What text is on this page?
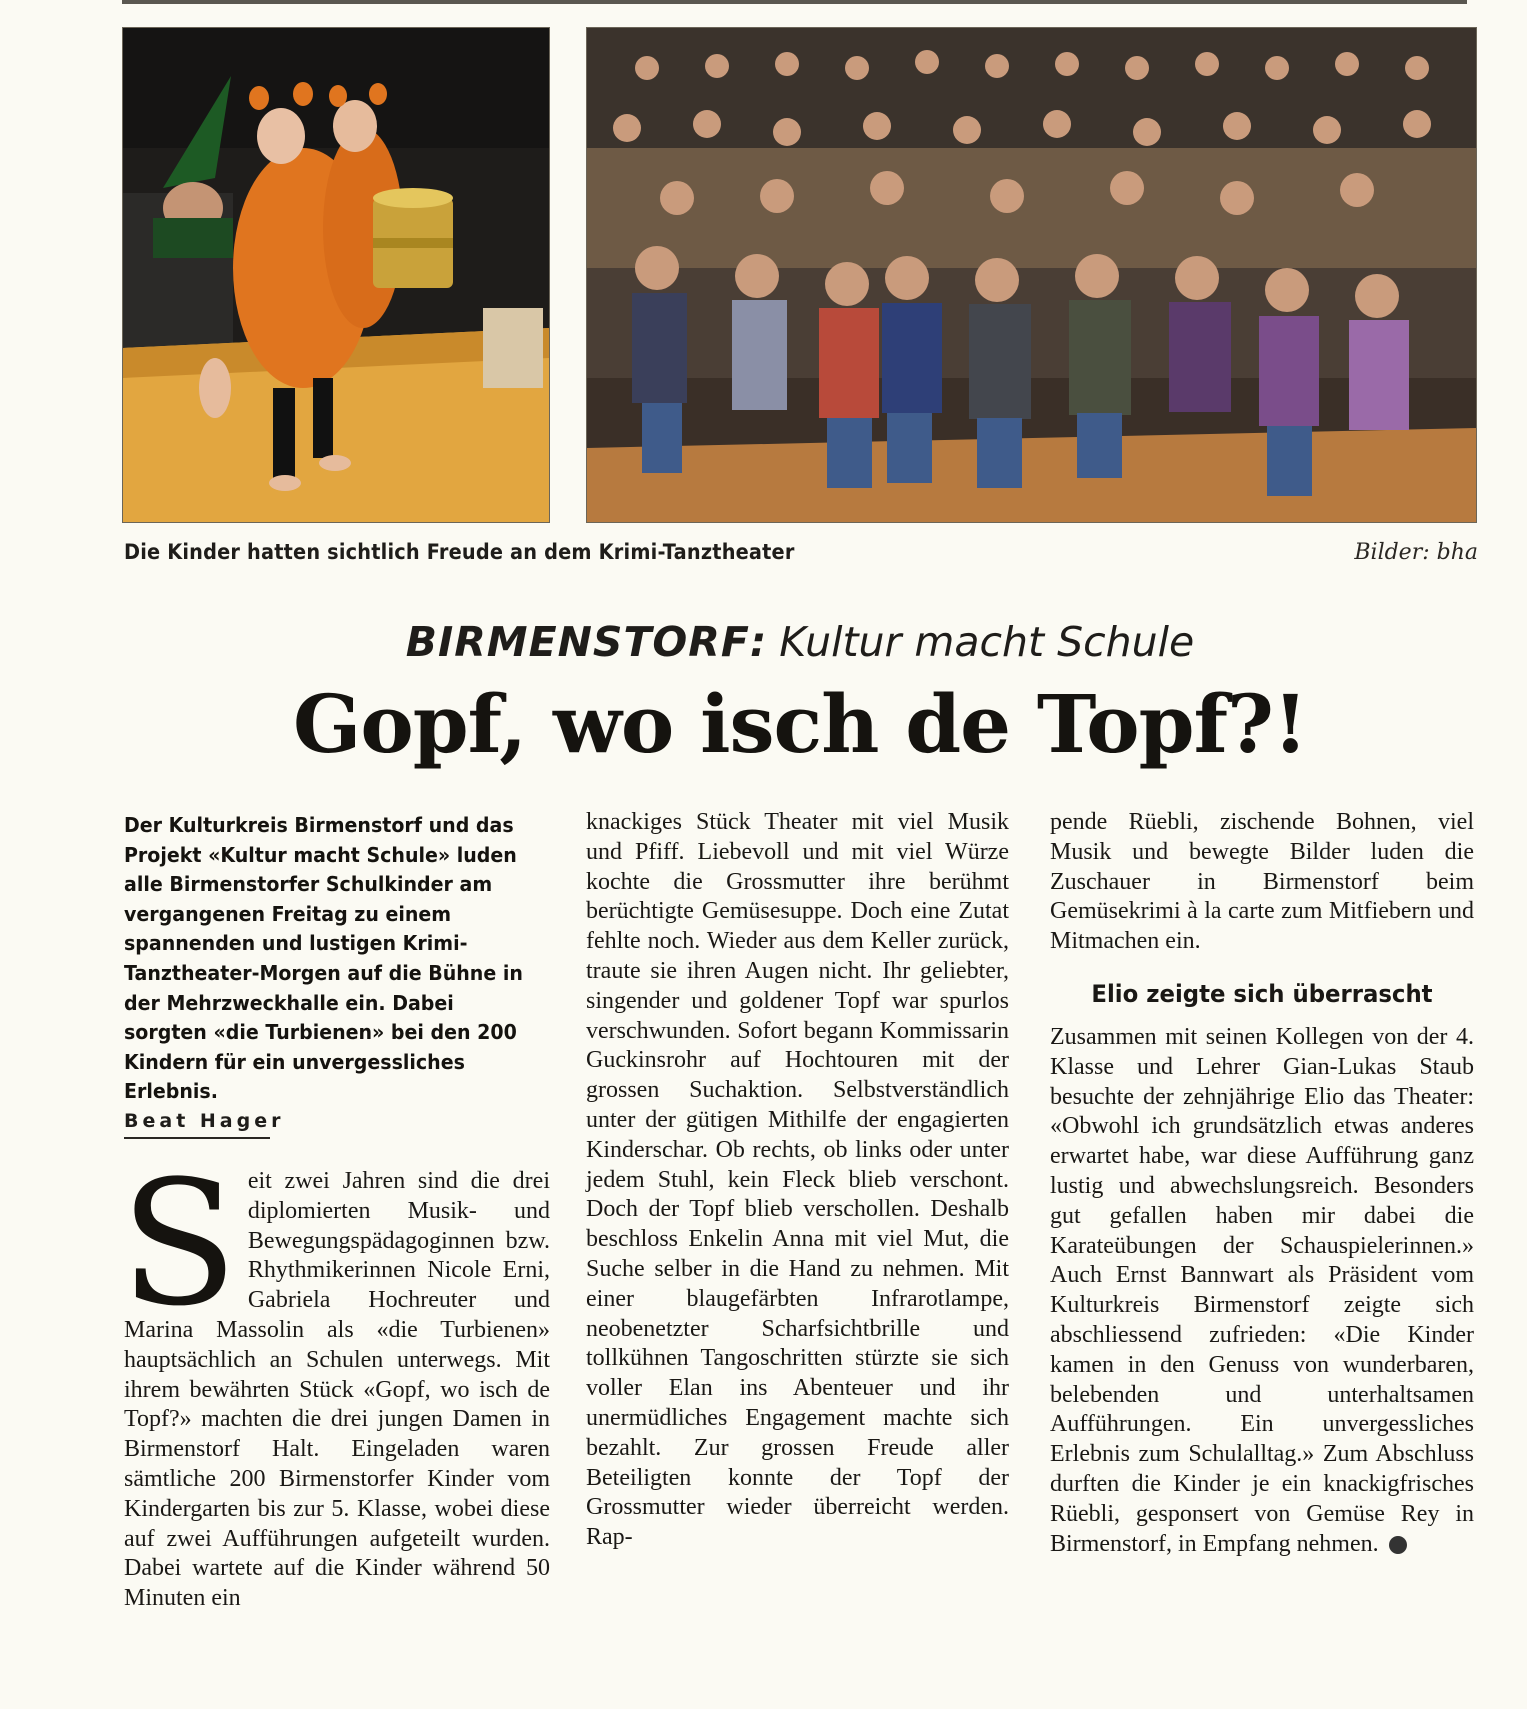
Die Kinder hatten sichtlich Freude an dem Krimi-Tanztheater	Bilder: bha
BIRMENSTORF: Kultur macht Schule
Gopf, wo isch de Topf?!

Der Kulturkreis Birmenstorf und das Projekt «Kultur macht Schule» luden alle Birmenstorfer Schulkinder am vergangenen Freitag zu einem spannenden und lustigen Krimi-Tanztheater-Morgen auf die Bühne in der Mehrzweckhalle ein. Dabei sorgten «die Turbienen» bei den 200 Kindern für ein unvergessliches Erlebnis.

Beat Hager
S eit zwei Jahren sind die drei diplomierten Musik- und Bewegungspädagoginnen bzw. Rhythmikerinnen Nicole Erni, Gabriela Hochreuter und Marina Massolin als «die Turbienen» hauptsächlich an Schulen unterwegs. Mit ihrem bewährten Stück «Gopf, wo isch de Topf?» machten die drei jungen Damen in Birmenstorf Halt. Eingeladen waren sämtliche 200 Birmenstorfer Kinder vom Kindergarten bis zur 5. Klasse, wobei diese auf zwei Aufführungen aufgeteilt wurden. Dabei wartete auf die Kinder während 50 Minuten ein

knackiges Stück Theater mit viel Musik und Pfiff. Liebevoll und mit viel Würze kochte die Grossmutter ihre berühmt berüchtigte Gemüsesuppe. Doch eine Zutat fehlte noch. Wieder aus dem Keller zurück, traute sie ihren Augen nicht. Ihr geliebter, singender und goldener Topf war spurlos verschwunden. Sofort begann Kommissarin Guckinsrohr auf Hochtouren mit der grossen Suchaktion. Selbstverständlich unter der gütigen Mithilfe der engagierten Kinderschar. Ob rechts, ob links oder unter jedem Stuhl, kein Fleck blieb verschont. Doch der Topf blieb verschollen. Deshalb beschloss Enkelin Anna mit viel Mut, die Suche selber in die Hand zu nehmen. Mit einer blaugefärbten Infrarotlampe, neobenetzter Scharfsichtbrille und tollkühnen Tangoschritten stürzte sie sich voller Elan ins Abenteuer und ihr unermüdliches Engagement machte sich bezahlt. Zur grossen Freude aller Beteiligten konnte der Topf der Grossmutter wieder überreicht werden. Rap-

pende Rüebli, zischende Bohnen, viel Musik und bewegte Bilder luden die Zuschauer in Birmenstorf beim Gemüsekrimi à la carte zum Mitfiebern und Mitmachen ein.

Elio zeigte sich überrascht

Zusammen mit seinen Kollegen von der 4. Klasse und Lehrer Gian-Lukas Staub besuchte der zehnjährige Elio das Theater: «Obwohl ich grundsätzlich etwas anderes erwartet habe, war diese Aufführung ganz lustig und abwechslungsreich. Besonders gut gefallen haben mir dabei die Karateübungen der Schauspielerinnen.» Auch Ernst Bannwart als Präsident vom Kulturkreis Birmenstorf zeigte sich abschliessend zufrieden: «Die Kinder kamen in den Genuss von wunderbaren, belebenden und unterhaltsamen Aufführungen. Ein unvergessliches Erlebnis zum Schulalltag.» Zum Abschluss durften die Kinder je ein knackigfrisches Rüebli, gesponsert von Gemüse Rey in Birmenstorf, in Empfang nehmen.
